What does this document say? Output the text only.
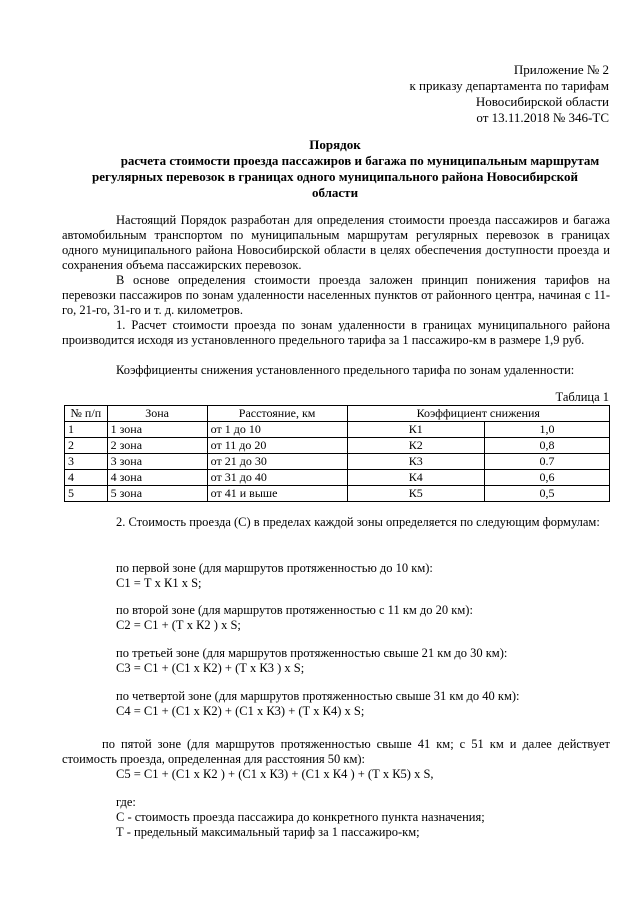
Приложение № 2
к приказу департамента по тарифам
Новосибирской области
от 13.11.2018 № 346-ТС
Порядок
расчета стоимости проезда пассажиров и багажа по муниципальным маршрутам
регулярных перевозок в границах одного муниципального района Новосибирской
области
Настоящий Порядок разработан для определения стоимости проезда пассажиров и багажа автомобильным транспортом по муниципальным маршрутам регулярных перевозок в границах одного муниципального района Новосибирской области в целях обеспечения доступности проезда и сохранения объема пассажирских перевозок.
В основе определения стоимости проезда заложен принцип понижения тарифов на перевозки пассажиров по зонам удаленности населенных пунктов от районного центра, начиная с 11-го, 21-го, 31-го и т. д. километров.
1. Расчет стоимости проезда по зонам удаленности в границах муниципального района производится исходя из установленного предельного тарифа за 1 пассажиро-км в размере 1,9 руб.
Коэффициенты снижения установленного предельного тарифа по зонам удаленности:
Таблица 1
№ п/п	Зона	Расстояние, км	Коэффициент снижения	
1	1 зона	от 1 до 10	К1	1,0
2	2 зона	от 11 до 20	К2	0,8
3	3 зона	от 21 до 30	К3	0.7
4	4 зона	от 31 до 40	К4	0,6
5	5 зона	от 41 и выше	К5	0,5
2. Стоимость проезда (С) в пределах каждой зоны определяется по следующим формулам:
по первой зоне (для маршрутов протяженностью до 10 км):
С1 = Т х К1 х S;
по второй зоне (для маршрутов протяженностью с 11 км до 20 км):
С2 = С1 + (Т х К2 ) х S;
по третьей зоне (для маршрутов протяженностью свыше 21 км до 30 км):
С3 = С1 + (С1 х К2) + (Т х К3 ) х S;
по четвертой зоне (для маршрутов протяженностью свыше 31 км до 40 км):
С4 = С1 + (С1 х К2) + (С1 х К3) + (Т х К4) х S;
по пятой зоне (для маршрутов протяженностью свыше 41 км; с 51 км и далее действует стоимость проезда, определенная для расстояния 50 км):
С5 = С1 + (С1 х К2 ) + (С1 х К3) + (С1 х К4 ) + (Т х К5) х S,
где:
С - стоимость проезда пассажира до конкретного пункта назначения;
Т - предельный максимальный тариф за 1 пассажиро-км;
